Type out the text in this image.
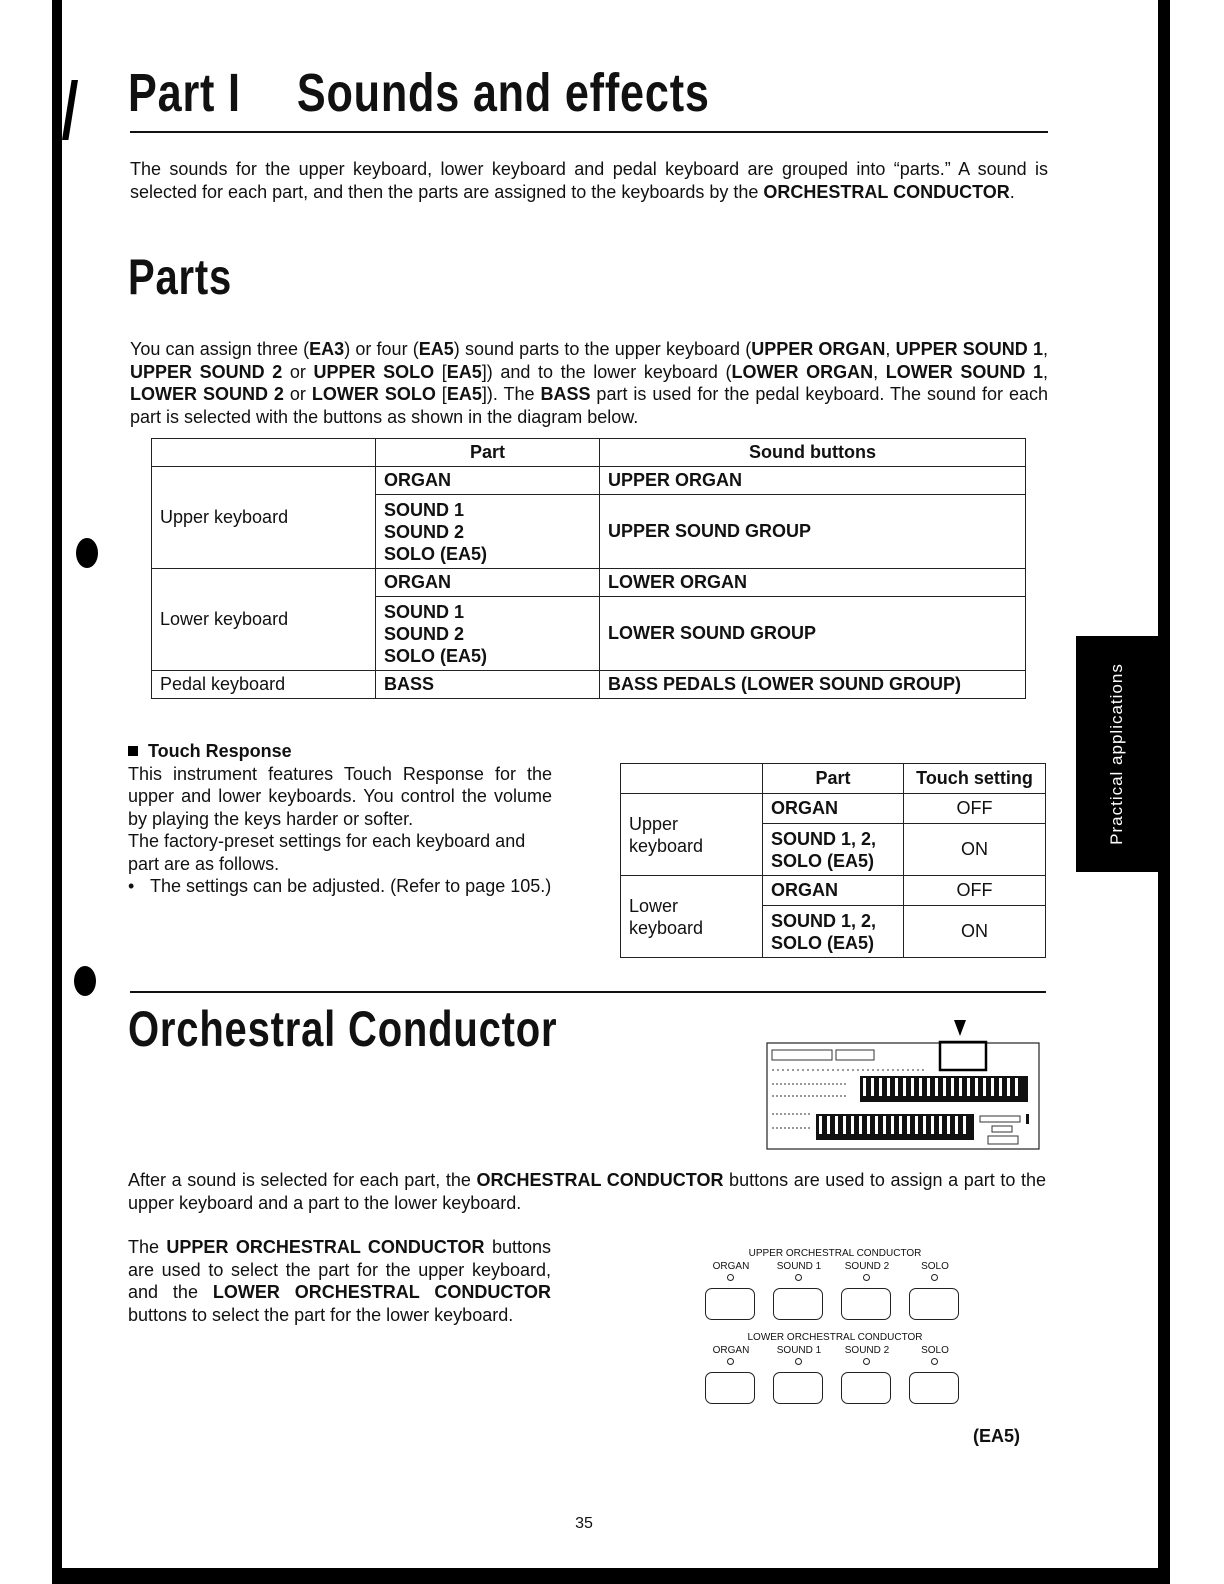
Practical applications
Part I Sounds and effects

The sounds for the upper keyboard, lower keyboard and pedal keyboard are grouped into “parts.” A sound is selected for each part, and then the parts are assigned to the keyboards by the ORCHESTRAL CONDUCTOR.

Parts

You can assign three (EA3) or four (EA5) sound parts to the upper keyboard (UPPER ORGAN, UPPER SOUND 1, UPPER SOUND 2 or UPPER SOLO [EA5]) and to the lower keyboard (LOWER ORGAN, LOWER SOUND 1, LOWER SOUND 2 or LOWER SOLO [EA5]). The BASS part is used for the pedal keyboard. The sound for each part is selected with the buttons as shown in the diagram below.

	Part	Sound buttons
Upper keyboard	ORGAN	UPPER ORGAN

	SOUND 1
SOUND 2
SOLO (EA5)	UPPER SOUND GROUP
Lower keyboard	ORGAN	LOWER ORGAN

	SOUND 1
SOUND 2
SOLO (EA5)	LOWER SOUND GROUP
Pedal keyboard	BASS	BASS PEDALS (LOWER SOUND GROUP)
Touch Response

This instrument features Touch Response for the upper and lower keyboards. You control the volume by playing the keys harder or softer.

The factory-preset settings for each keyboard and part are as follows.

• The settings can be adjusted. (Refer to page 105.)
	Part	Touch setting

Upper
keyboard	ORGAN	OFF

	SOUND 1, 2,
SOLO (EA5)	ON

Lower
keyboard	ORGAN	OFF

	SOUND 1, 2,
SOLO (EA5)	ON
Orchestral Conductor

After a sound is selected for each part, the ORCHESTRAL CONDUCTOR buttons are used to assign a part to the upper keyboard and a part to the lower keyboard.

The UPPER ORCHESTRAL CONDUCTOR buttons are used to select the part for the upper keyboard, and the LOWER ORCHESTRAL CONDUCTOR buttons to select the part for the lower keyboard.

UPPER ORCHESTRAL CONDUCTOR
LOWER ORCHESTRAL CONDUCTOR
ORGAN	SOUND 1	SOUND 2	SOLO
ORGAN	SOUND 1	SOUND 2	SOLO
(EA5)
35
